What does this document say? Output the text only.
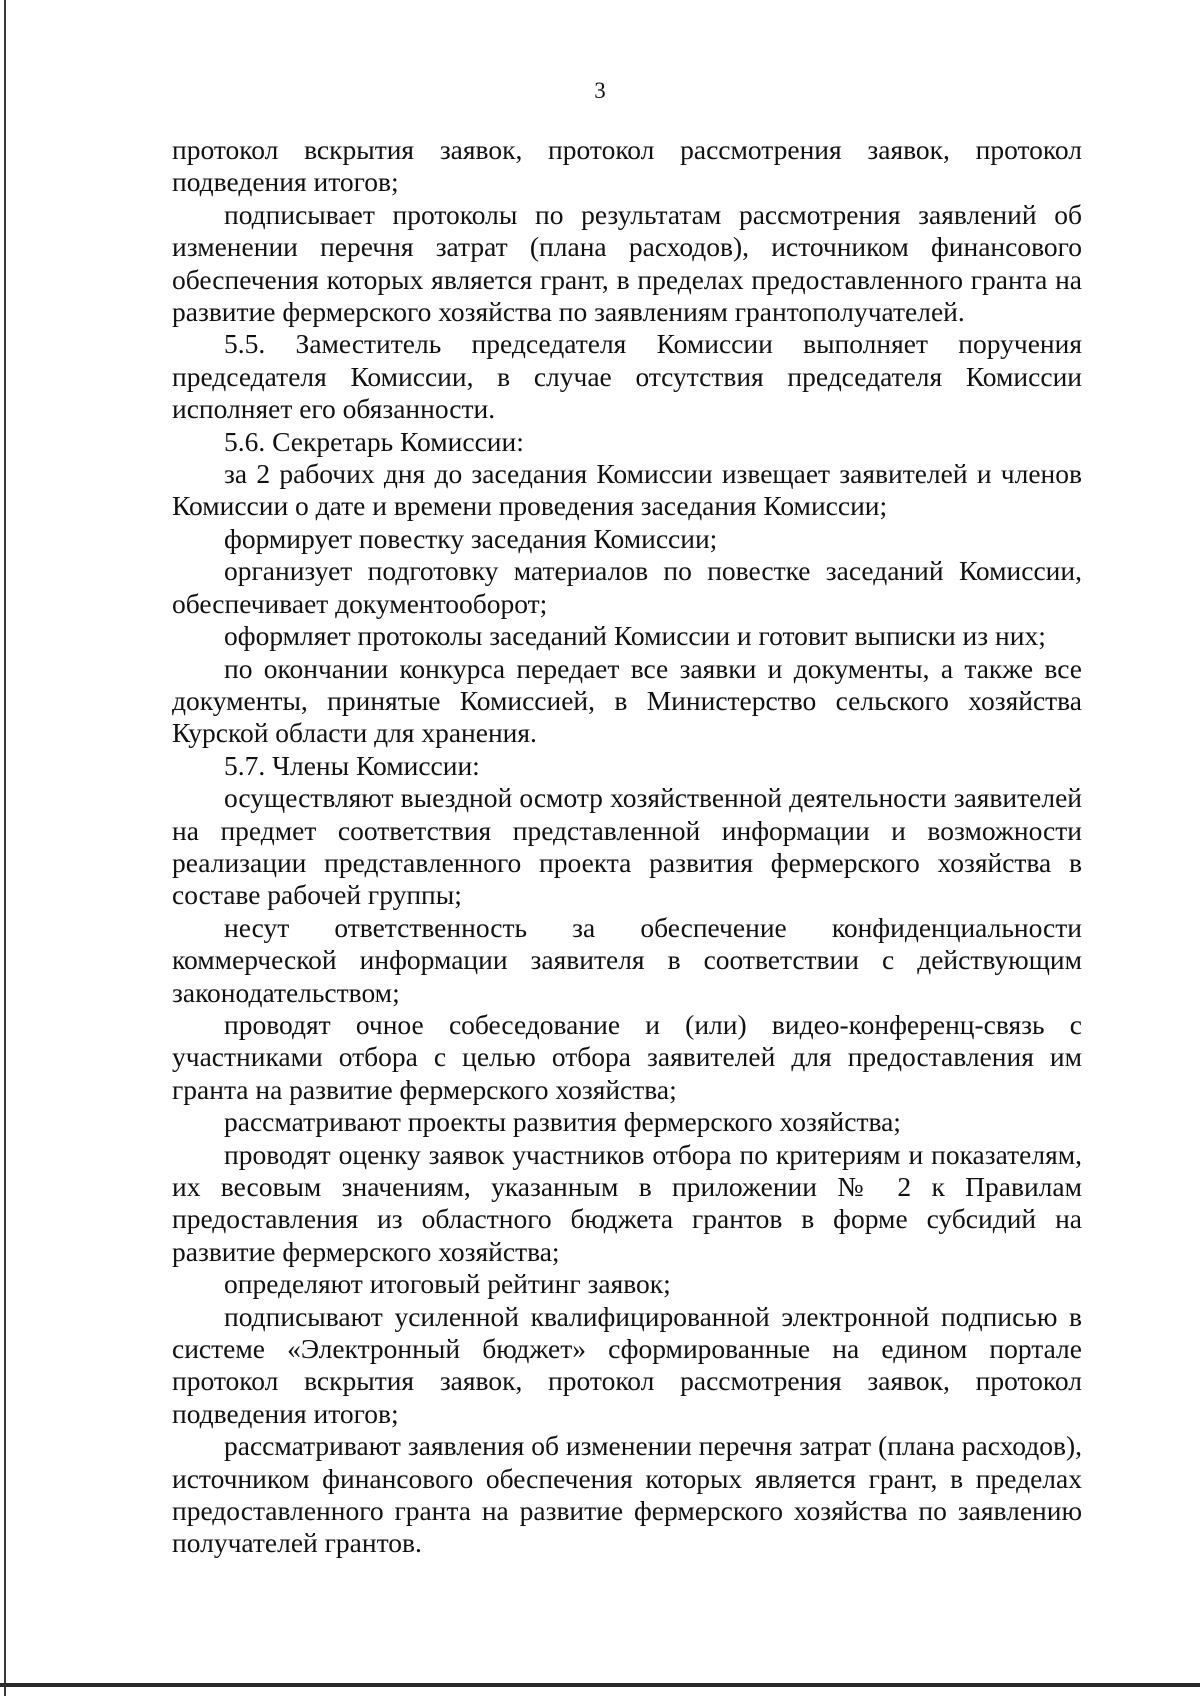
3

протокол вскрытия заявок, протокол рассмотрения заявок, протокол подведения итогов;

подписывает протоколы по результатам рассмотрения заявлений об изменении перечня затрат (плана расходов), источником финансового обеспечения которых является грант, в пределах предоставленного гранта на развитие фермерского хозяйства по заявлениям грантополучателей.

5.5. Заместитель председателя Комиссии выполняет поручения председателя Комиссии, в случае отсутствия председателя Комиссии исполняет его обязанности.

5.6. Секретарь Комиссии:

за 2 рабочих дня до заседания Комиссии извещает заявителей и членов Комиссии о дате и времени проведения заседания Комиссии;

формирует повестку заседания Комиссии;

организует подготовку материалов по повестке заседаний Комиссии, обеспечивает документооборот;

оформляет протоколы заседаний Комиссии и готовит выписки из них;

по окончании конкурса передает все заявки и документы, а также все документы, принятые Комиссией, в Министерство сельского хозяйства Курской области для хранения.

5.7. Члены Комиссии:

осуществляют выездной осмотр хозяйственной деятельности заявителей на предмет соответствия представленной информации и возможности реализации представленного проекта развития фермерского хозяйства в составе рабочей группы;

несут ответственность за обеспечение конфиденциальности коммерческой информации заявителя в соответствии с действующим законодательством;

проводят очное собеседование и (или) видео-конференц-связь с участниками отбора с целью отбора заявителей для предоставления им гранта на развитие фермерского хозяйства;

рассматривают проекты развития фермерского хозяйства;

проводят оценку заявок участников отбора по критериям и показателям, их весовым значениям, указанным в приложении № 2 к Правилам предоставления из областного бюджета грантов в форме субсидий на развитие фермерского хозяйства;

определяют итоговый рейтинг заявок;

подписывают усиленной квалифицированной электронной подписью в системе «Электронный бюджет» сформированные на едином портале протокол вскрытия заявок, протокол рассмотрения заявок, протокол подведения итогов;

рассматривают заявления об изменении перечня затрат (плана расходов), источником финансового обеспечения которых является грант, в пределах предоставленного гранта на развитие фермерского хозяйства по заявлению получателей грантов.
